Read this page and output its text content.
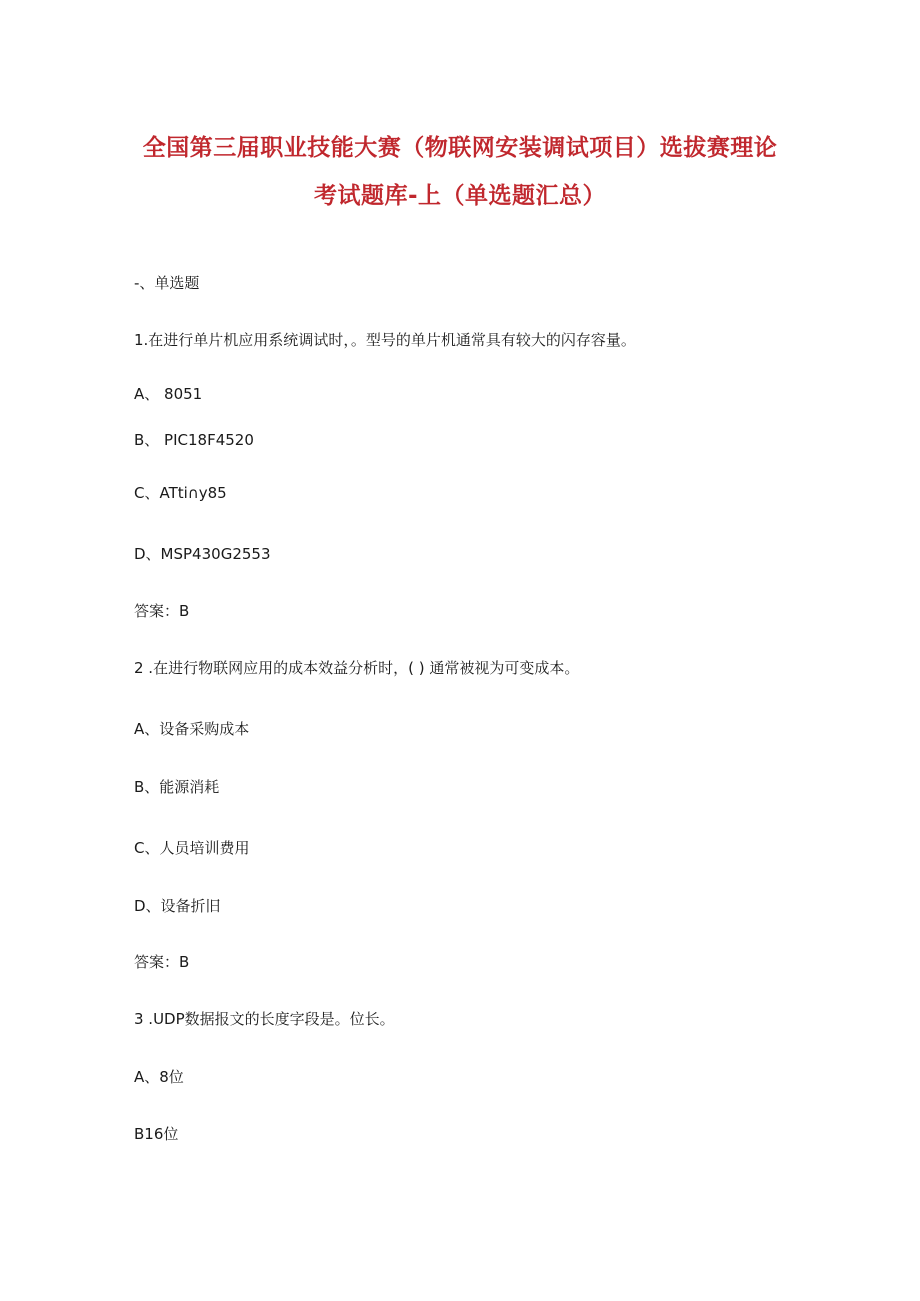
全国第三届职业技能大赛（物联网安装调试项目）选拔赛理论
考试题库-上（单选题汇总）
-、单选题
1.在进行单片机应用系统调试时，。型号的单片机通常具有较大的闪存容量。
A、 8051
B、 PIC18F4520
C、ATti∩y85
D、MSP430G2553
答案：B
2 .在进行物联网应用的成本效益分析时，( ) 通常被视为可变成本。
A、设备采购成本
B、能源消耗
C、人员培训费用
D、设备折旧
答案：B
3 .UDP数据报文的长度字段是。位长。
A、8位
B16位
